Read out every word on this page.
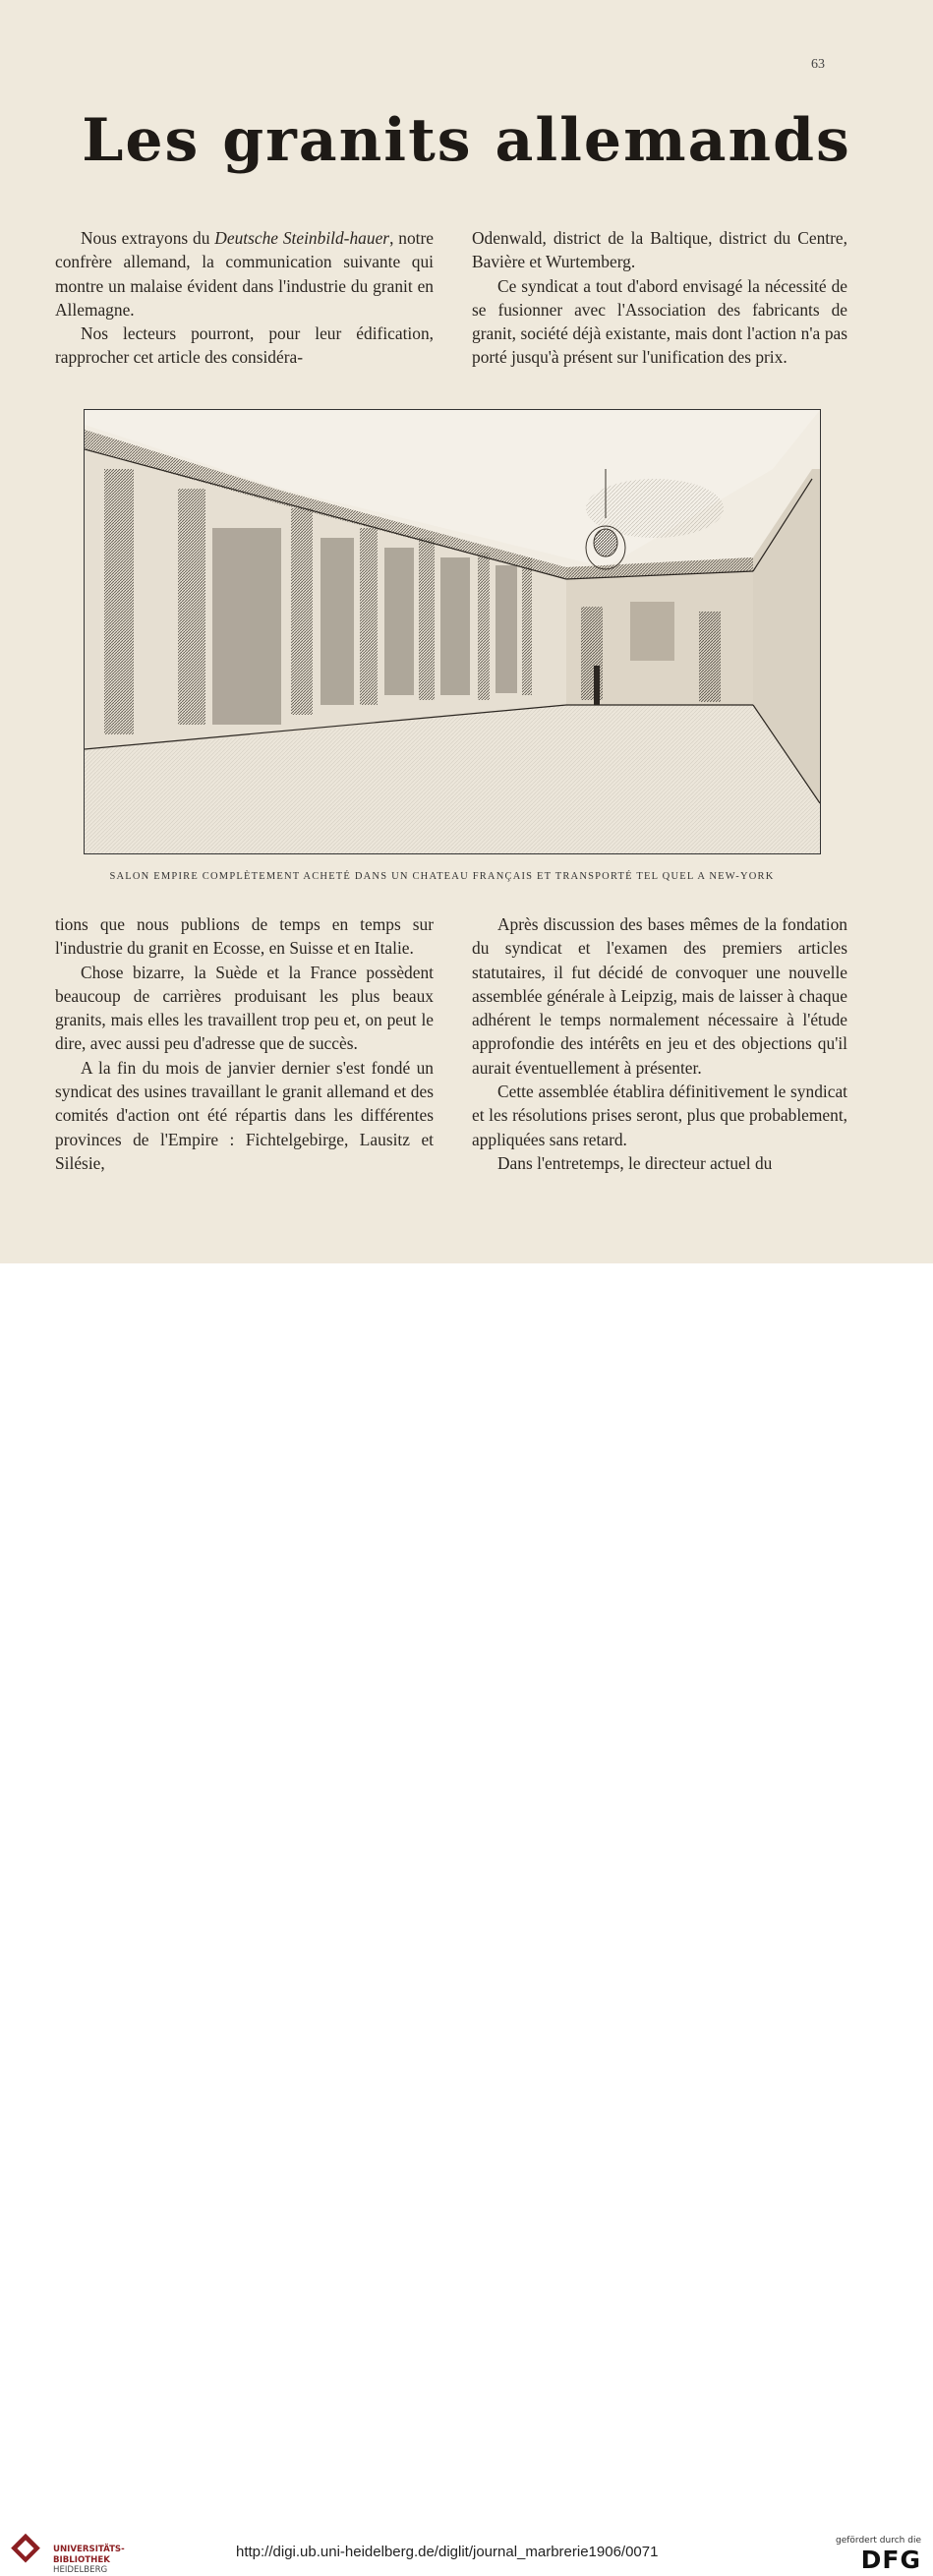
63
Les granits allemands

Nous extrayons du Deutsche Steinbild-hauer, notre confrère allemand, la communication suivante qui montre un malaise évident dans l'industrie du granit en Allemagne.

Nos lecteurs pourront, pour leur édification, rapprocher cet article des considéra-

Odenwald, district de la Baltique, district du Centre, Bavière et Wurtemberg.

Ce syndicat a tout d'abord envisagé la nécessité de se fusionner avec l'Association des fabricants de granit, société déjà existante, mais dont l'action n'a pas porté jusqu'à présent sur l'unification des prix.

SALON EMPIRE COMPLÈTEMENT ACHETÉ DANS UN CHATEAU FRANÇAIS ET TRANSPORTÉ TEL QUEL A NEW-YORK

tions que nous publions de temps en temps sur l'industrie du granit en Ecosse, en Suisse et en Italie.

Chose bizarre, la Suède et la France possèdent beaucoup de carrières produisant les plus beaux granits, mais elles les travaillent trop peu et, on peut le dire, avec aussi peu d'adresse que de succès.

A la fin du mois de janvier dernier s'est fondé un syndicat des usines travaillant le granit allemand et des comités d'action ont été répartis dans les différentes provinces de l'Empire : Fichtelgebirge, Lausitz et Silésie,

Après discussion des bases mêmes de la fondation du syndicat et l'examen des premiers articles statutaires, il fut décidé de convoquer une nouvelle assemblée générale à Leipzig, mais de laisser à chaque adhérent le temps normalement nécessaire à l'étude approfondie des intérêts en jeu et des objections qu'il aurait éventuellement à présenter.

Cette assemblée établira définitivement le syndicat et les résolutions prises seront, plus que probablement, appliquées sans retard.

Dans l'entretemps, le directeur actuel du

UNIVERSITÄTS-
BIBLIOTHEK
HEIDELBERG
http://digi.ub.uni-heidelberg.de/diglit/journal_marbrerie1906/0071
gefördert durch die
DFG
